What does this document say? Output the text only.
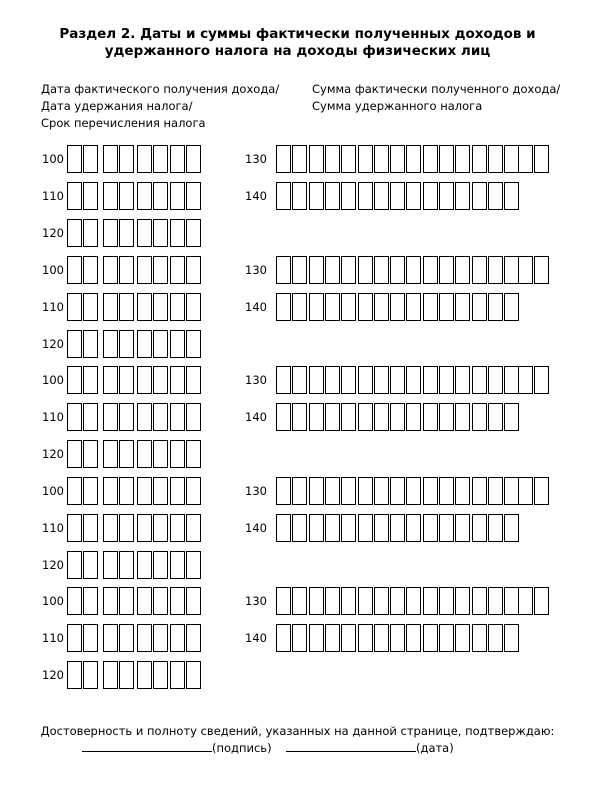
Раздел 2. Даты и суммы фактически полученных доходов и
удержанного налога на доходы физических лиц
Дата фактического получения дохода/
Дата удержания налога/
Срок перечисления налога
Сумма фактически полученного дохода/
Сумма удержанного налога
100	130
110	140
120
100	130
110	140
120
100	130
110	140
120
100	130
110	140
120
100	130
110	140
120
Достоверность и полноту сведений, указанных на данной странице, подтверждаю:
(подпись)	(дата)
